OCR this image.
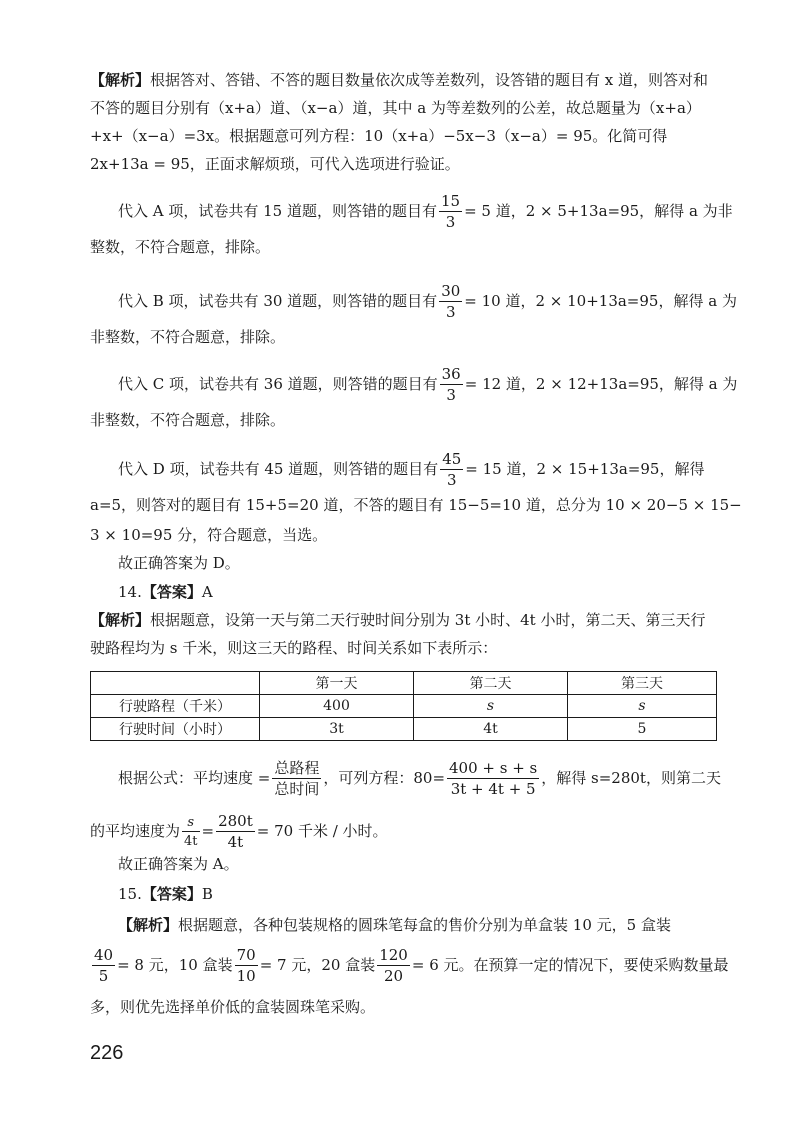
【解析】根据答对、答错、不答的题目数量依次成等差数列，设答错的题目有 x 道，则答对和不答的题目分别有（x+a）道、（x−a）道，其中 a 为等差数列的公差，故总题量为（x+a）+x+（x−a）=3x。根据题意可列方程：10（x+a）−5x−3（x−a）= 95。化简可得 2x+13a = 95，正面求解烦琐，可代入选项进行验证。
代入 A 项，试卷共有 15 道题，则答错的题目有 $\frac{15}{3} = 5$ 道，2 × 5+13a=95，解得 a 为非
整数，不符合题意，排除。
代入 B 项，试卷共有 30 道题，则答错的题目有 $\frac{30}{3} = 10$ 道，2 × 10+13a=95，解得 a 为
非整数，不符合题意，排除。
代入 C 项，试卷共有 36 道题，则答错的题目有 $\frac{36}{3} = 12$ 道，2 × 12+13a=95，解得 a 为
非整数，不符合题意，排除。
代入 D 项，试卷共有 45 道题，则答错的题目有 $\frac{45}{3} = 15$ 道，2 × 15+13a=95，解得
a=5，则答对的题目有 15+5=20 道，不答的题目有 15−5=10 道，总分为 10 × 20−5 × 15−
3 × 10=95 分，符合题意，当选。
故正确答案为 D。
14.【答案】A
【解析】根据题意，设第一天与第二天行驶时间分别为 3t 小时、4t 小时，第二天、第三天行驶路程均为 s 千米，则这三天的路程、时间关系如下表所示：
	第一天	第二天	第三天
行驶路程（千米）	400	s	s
行驶时间（小时）	3t	4t	5
根据公式：平均速度 = $\frac{\text{总路程}}{\text{总时间}}$ ，可列方程：$80= \frac{400 + s + s}{3t + 4t + 5}$ ，解得 s=280t，则第二天
的平均速度为 $\frac{s}{4t} = \frac{280t}{4t} = 70$ 千米 / 小时。
故正确答案为 A。
15.【答案】B
【解析】根据题意，各种包装规格的圆珠笔每盒的售价分别为单盒装 10 元，5 盒装
$\frac{40}{5} = 8$ 元，10 盒装 $\frac{70}{10} = 7$ 元，20 盒装 $\frac{120}{20} = 6$ 元。在预算一定的情况下，要使采购数量最
多，则优先选择单价低的盒装圆珠笔采购。
226
